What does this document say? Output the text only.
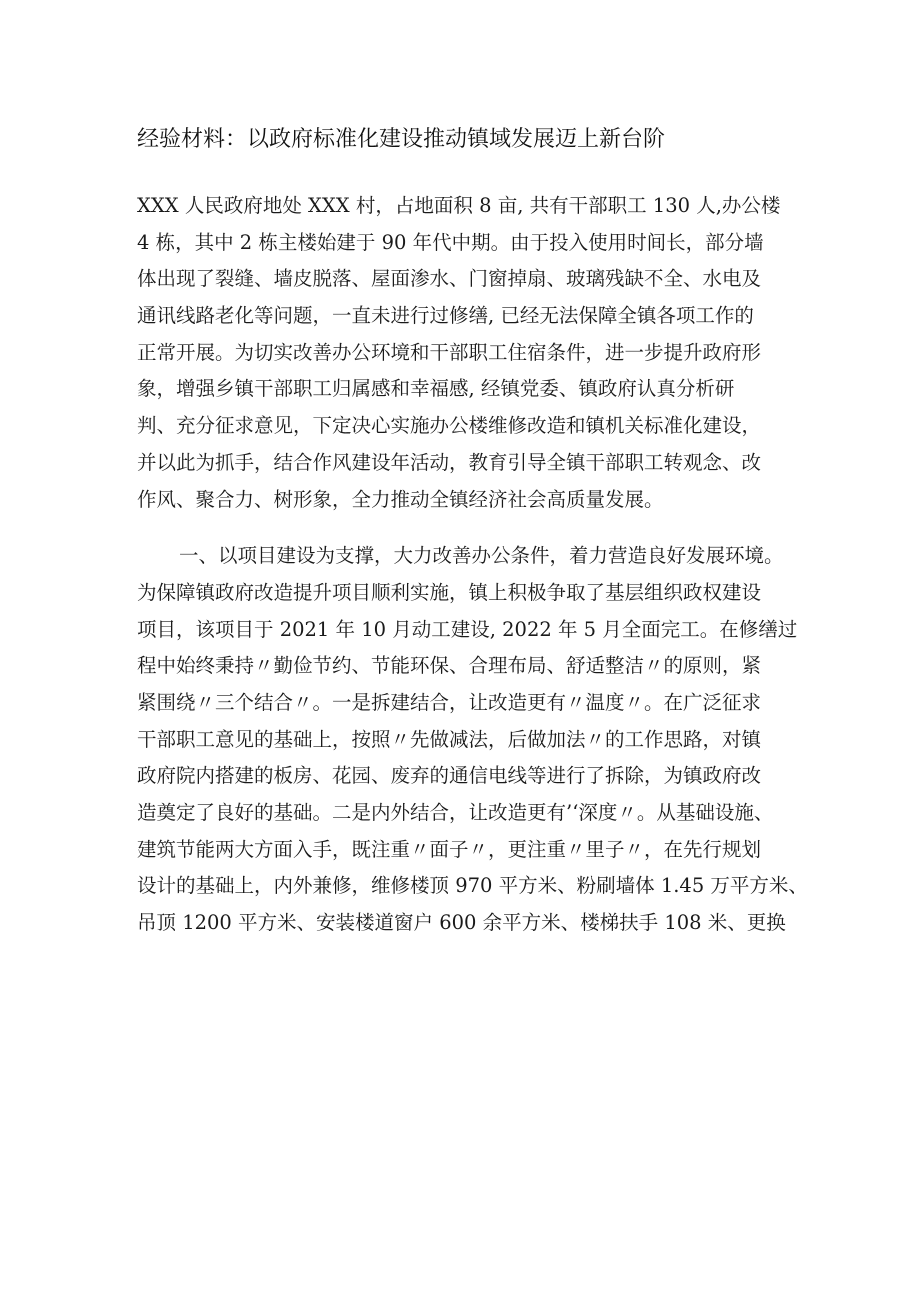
经验材料：以政府标准化建设推动镇域发展迈上新台阶
XXX 人民政府地处 XXX 村，占地面积 8 亩, 共有干部职工 130 人,办公楼
4 栋，其中 2 栋主楼始建于 90 年代中期。由于投入使用时间长，部分墙
体出现了裂缝、墙皮脱落、屋面渗水、门窗掉扇、玻璃残缺不全、水电及
通讯线路老化等问题，一直未进行过修缮, 已经无法保障全镇各项工作的
正常开展。为切实改善办公环境和干部职工住宿条件，进一步提升政府形
象，增强乡镇干部职工归属感和幸福感, 经镇党委、镇政府认真分析研
判、充分征求意见，下定决心实施办公楼维修改造和镇机关标准化建设，
并以此为抓手，结合作风建设年活动，教育引导全镇干部职工转观念、改
作风、聚合力、树形象，全力推动全镇经济社会高质量发展。
一、以项目建设为支撑，大力改善办公条件，着力营造良好发展环境。
为保障镇政府改造提升项目顺利实施，镇上积极争取了基层组织政权建设
项目，该项目于 2021 年 10 月动工建设, 2022 年 5 月全面完工。在修缮过
程中始终秉持〃勤俭节约、节能环保、合理布局、舒适整洁〃的原则，紧
紧围绕〃三个结合〃。一是拆建结合，让改造更有〃温度〃。在广泛征求
干部职工意见的基础上，按照〃先做减法，后做加法〃的工作思路，对镇
政府院内搭建的板房、花园、废弃的通信电线等进行了拆除，为镇政府改
造奠定了良好的基础。二是内外结合，让改造更有’‘深度〃。从基础设施、
建筑节能两大方面入手，既注重〃面子〃，更注重〃里子〃，在先行规划
设计的基础上，内外兼修，维修楼顶 970 平方米、粉刷墙体 1.45 万平方米、
吊顶 1200 平方米、安装楼道窗户 600 余平方米、楼梯扶手 108 米、更换
